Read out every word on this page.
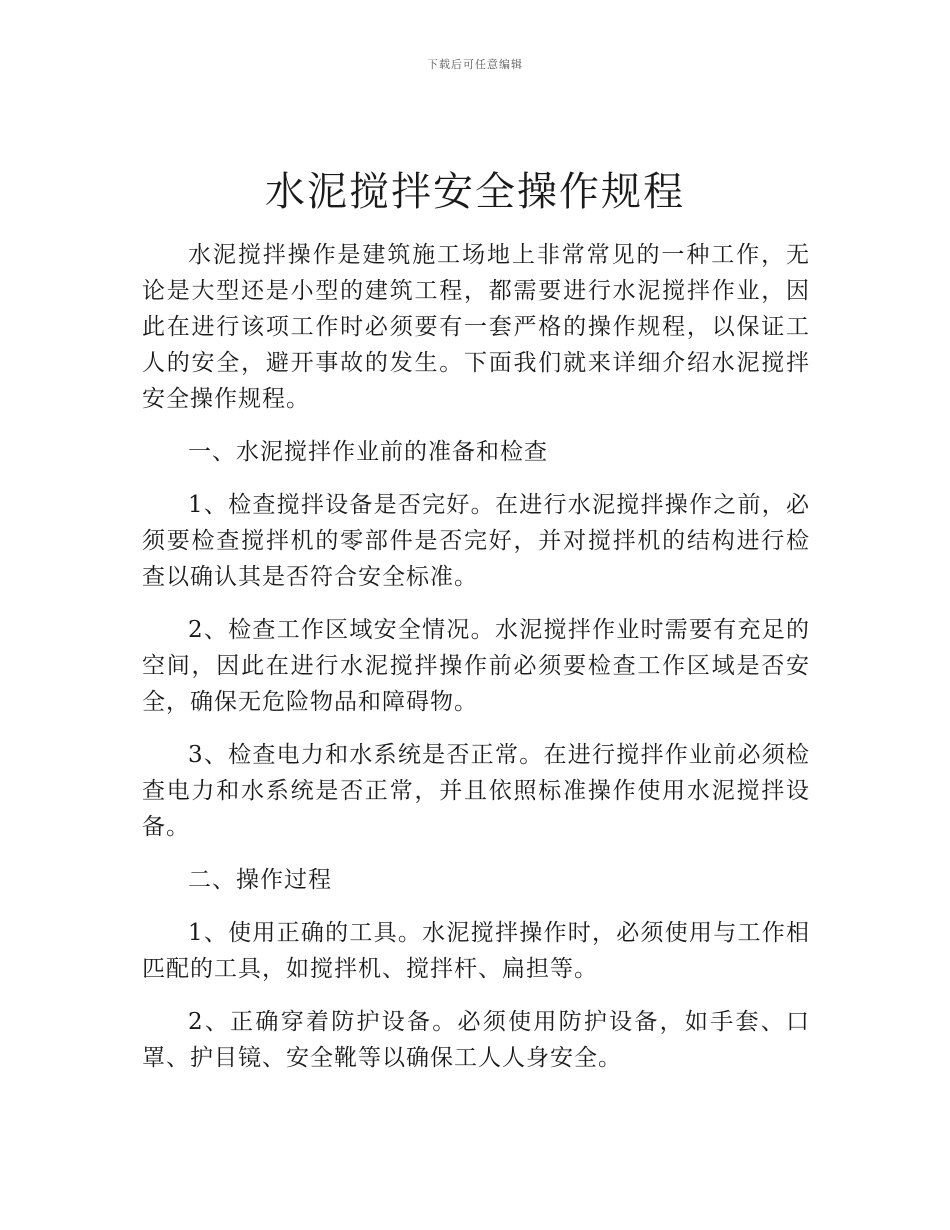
下载后可任意编辑
水泥搅拌安全操作规程

水泥搅拌操作是建筑施工场地上非常常见的一种工作，无论是大型还是小型的建筑工程，都需要进行水泥搅拌作业，因此在进行该项工作时必须要有一套严格的操作规程，以保证工人的安全，避开事故的发生。下面我们就来详细介绍水泥搅拌安全操作规程。

一、水泥搅拌作业前的准备和检查

1、检查搅拌设备是否完好。在进行水泥搅拌操作之前，必须要检查搅拌机的零部件是否完好，并对搅拌机的结构进行检查以确认其是否符合安全标准。

2、检查工作区域安全情况。水泥搅拌作业时需要有充足的空间，因此在进行水泥搅拌操作前必须要检查工作区域是否安全，确保无危险物品和障碍物。

3、检查电力和水系统是否正常。在进行搅拌作业前必须检查电力和水系统是否正常，并且依照标准操作使用水泥搅拌设备。

二、操作过程

1、使用正确的工具。水泥搅拌操作时，必须使用与工作相匹配的工具，如搅拌机、搅拌杆、扁担等。

2、正确穿着防护设备。必须使用防护设备，如手套、口罩、护目镜、安全靴等以确保工人人身安全。
